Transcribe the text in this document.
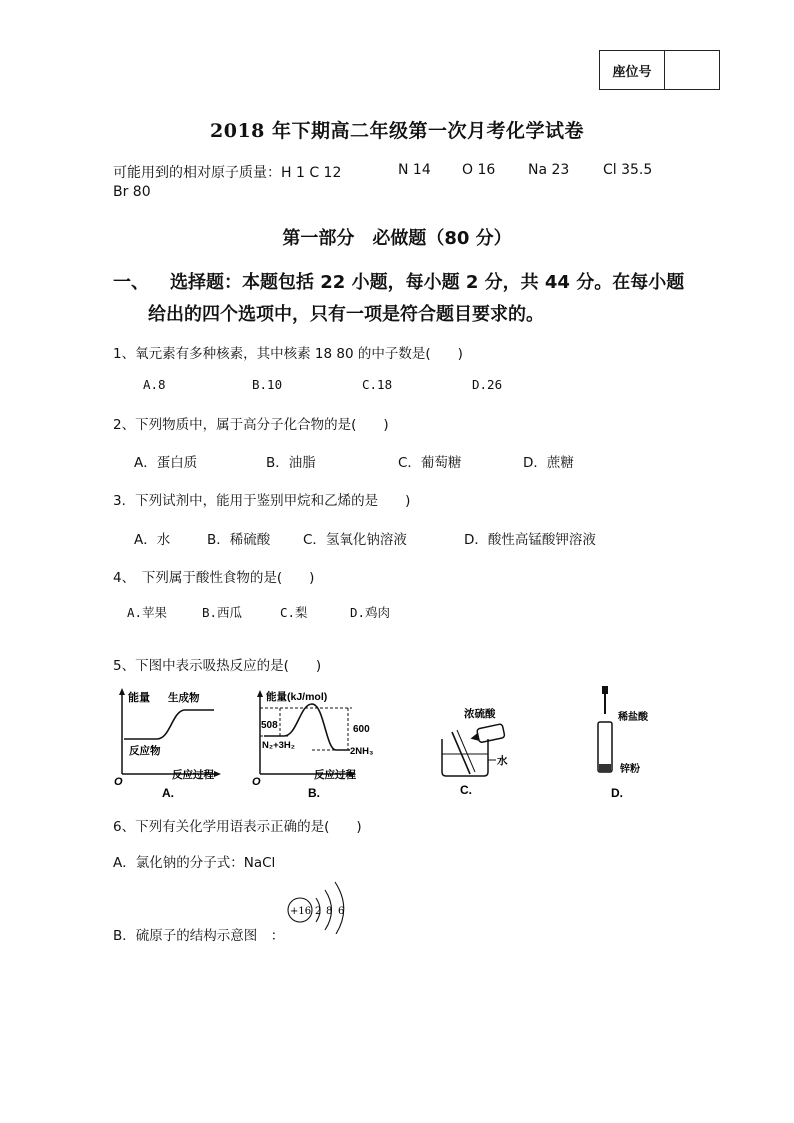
座位号
2018 年下期高二年级第一次月考化学试卷
可能用到的相对原子质量：H 1 C 12	N 14 O 16 Na 23 Cl 35.5
Br 80
第一部分　必做题（80 分）
一、 选择题：本题包括 22 小题，每小题 2 分，共 44 分。在每小题
给出的四个选项中，只有一项是符合题目要求的。
1、氧元素有多种核素，其中核素 18 80 的中子数是(　　)
A.8	B.10	C.18	D.26
2、下列物质中，属于高分子化合物的是(　　)
A．蛋白质	B．油脂	C．葡萄糖	D．蔗糖
3．下列试剂中，能用于鉴别甲烷和乙烯的是　　)
A．水	B．稀硫酸 C．氢氧化钠溶液	D．酸性高锰酸钾溶液
4、　下列属于酸性食物的是(　　)
A.苹果	B.西瓜	C.梨	D.鸡肉
5、下图中表示吸热反应的是(　　)
能量 生成物
反应物
O
反应过程
A.
能量(kJ/mol)
508	600
N₂+3H₂
2NH₃
O
反应过程
B.
浓硫酸
水
C.
稀盐酸
锌粉
D.
6、下列有关化学用语表示正确的是(　　)
A．氯化钠的分子式：NaCl
B．硫原子的结构示意图　：
+16 2 8 6
